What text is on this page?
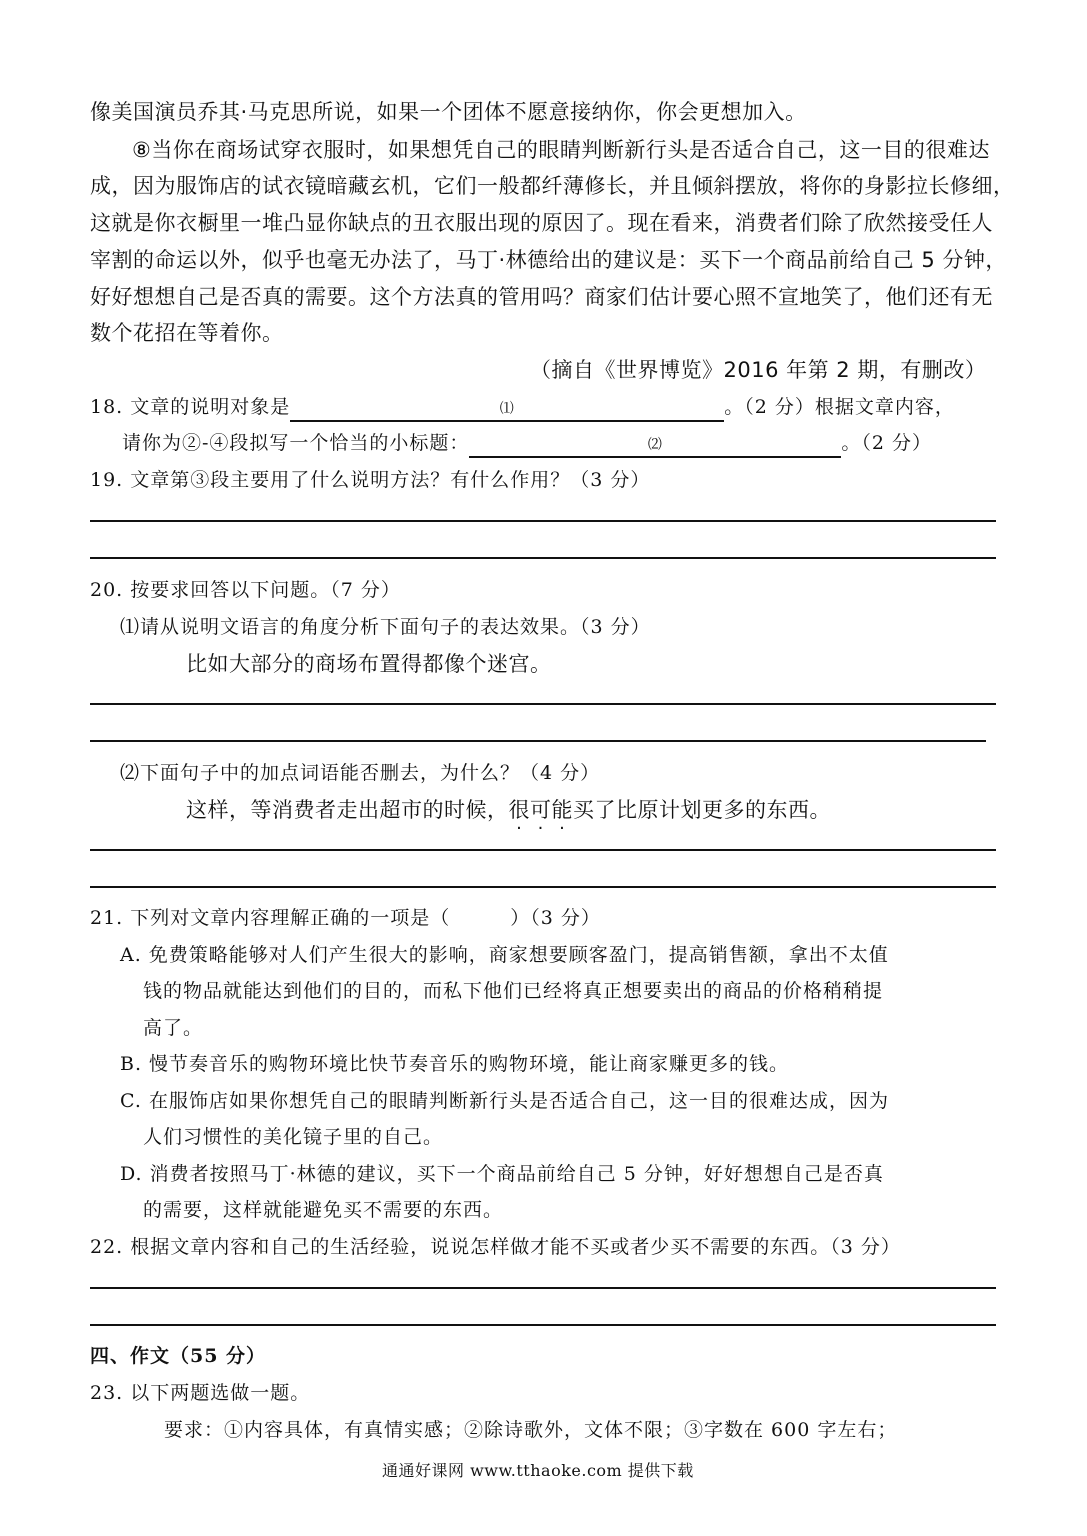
像美国演员乔其·马克思所说，如果一个团体不愿意接纳你，你会更想加入。
⑧当你在商场试穿衣服时，如果想凭自己的眼睛判断新行头是否适合自己，这一目的很难达
成，因为服饰店的试衣镜暗藏玄机，它们一般都纤薄修长，并且倾斜摆放，将你的身影拉长修细，
这就是你衣橱里一堆凸显你缺点的丑衣服出现的原因了。现在看来，消费者们除了欣然接受任人
宰割的命运以外，似乎也毫无办法了，马丁·林德给出的建议是：买下一个商品前给自己 5 分钟，
好好想想自己是否真的需要。这个方法真的管用吗？商家们估计要心照不宣地笑了，他们还有无
数个花招在等着你。
（摘自《世界博览》2016 年第 2 期，有删改）
18. 文章的说明对象是	⑴	。（2 分）根据文章内容，
请你为②-④段拟写一个恰当的小标题：	⑵	。（2 分）
19. 文章第③段主要用了什么说明方法？有什么作用？（3 分）
20. 按要求回答以下问题。（7 分）
⑴请从说明文语言的角度分析下面句子的表达效果。（3 分）
比如大部分的商场布置得都像个迷宫。
⑵下面句子中的加点词语能否删去，为什么？（4 分）
这样，等消费者走出超市的时候，很可能买了比原计划更多的东西。
21. 下列对文章内容理解正确的一项是（　　　）（3 分）
A. 免费策略能够对人们产生很大的影响，商家想要顾客盈门，提高销售额，拿出不太值
钱的物品就能达到他们的目的，而私下他们已经将真正想要卖出的商品的价格稍稍提
高了。
B. 慢节奏音乐的购物环境比快节奏音乐的购物环境，能让商家赚更多的钱。
C. 在服饰店如果你想凭自己的眼睛判断新行头是否适合自己，这一目的很难达成，因为
人们习惯性的美化镜子里的自己。
D. 消费者按照马丁·林德的建议，买下一个商品前给自己 5 分钟，好好想想自己是否真
的需要，这样就能避免买不需要的东西。
22. 根据文章内容和自己的生活经验，说说怎样做才能不买或者少买不需要的东西。（3 分）
四、作文（55 分）
23. 以下两题选做一题。
要求：①内容具体，有真情实感；②除诗歌外，文体不限；③字数在 600 字左右；
通通好课网 www.tthaoke.com 提供下载
